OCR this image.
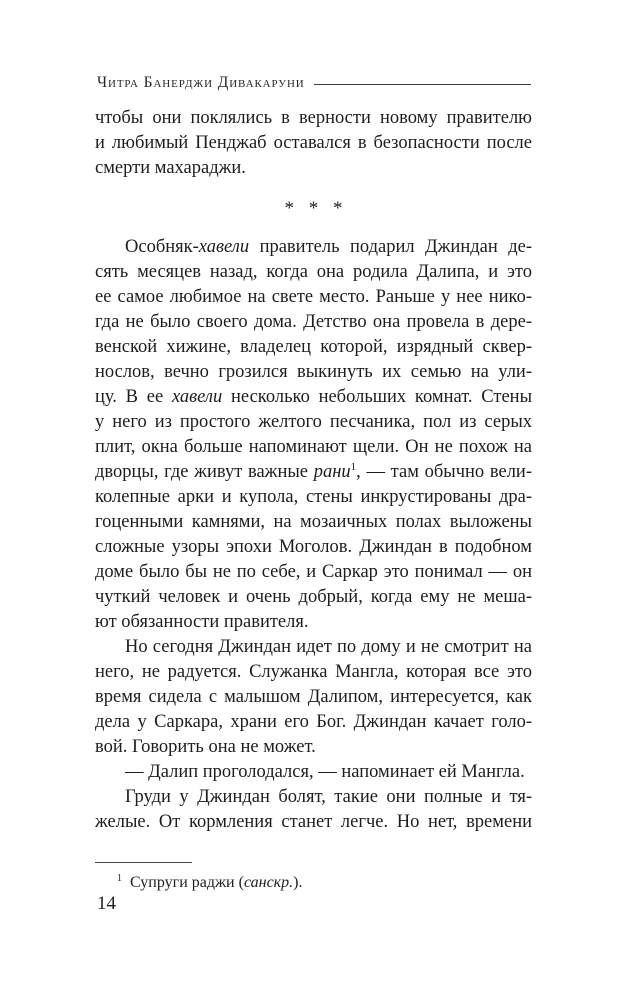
Читра Банерджи Дивакаруни
чтобы они поклялись в верности новому правителю
и любимый Пенджаб оставался в безопасности после
смерти махараджи.
* * *
Особняк-хавели правитель подарил Джиндан де-
сять месяцев назад, когда она родила Далипа, и это
ее самое любимое на свете место. Раньше у нее нико-
гда не было своего дома. Детство она провела в дере-
венской хижине, владелец которой, изрядный сквер-
нослов, вечно грозился выкинуть их семью на ули-
цу. В ее хавели несколько небольших комнат. Стены
у него из простого желтого песчаника, пол из серых
плит, окна больше напоминают щели. Он не похож на
дворцы, где живут важные рани$^1$, — там обычно вели-
колепные арки и купола, стены инкрустированы дра-
гоценными камнями, на мозаичных полах выложены
сложные узоры эпохи Моголов. Джиндан в подобном
доме было бы не по себе, и Саркар это понимал — он
чуткий человек и очень добрый, когда ему не меша-
ют обязанности правителя.
Но сегодня Джиндан идет по дому и не смотрит на
него, не радуется. Служанка Мангла, которая все это
время сидела с малышом Далипом, интересуется, как
дела у Саркара, храни его Бог. Джиндан качает голо-
вой. Говорить она не может.
— Далип проголодался, — напоминает ей Мангла.
Груди у Джиндан болят, такие они полные и тя-
желые. От кормления станет легче. Но нет, времени
$^1$ Супруги раджи (санскр.).
14
